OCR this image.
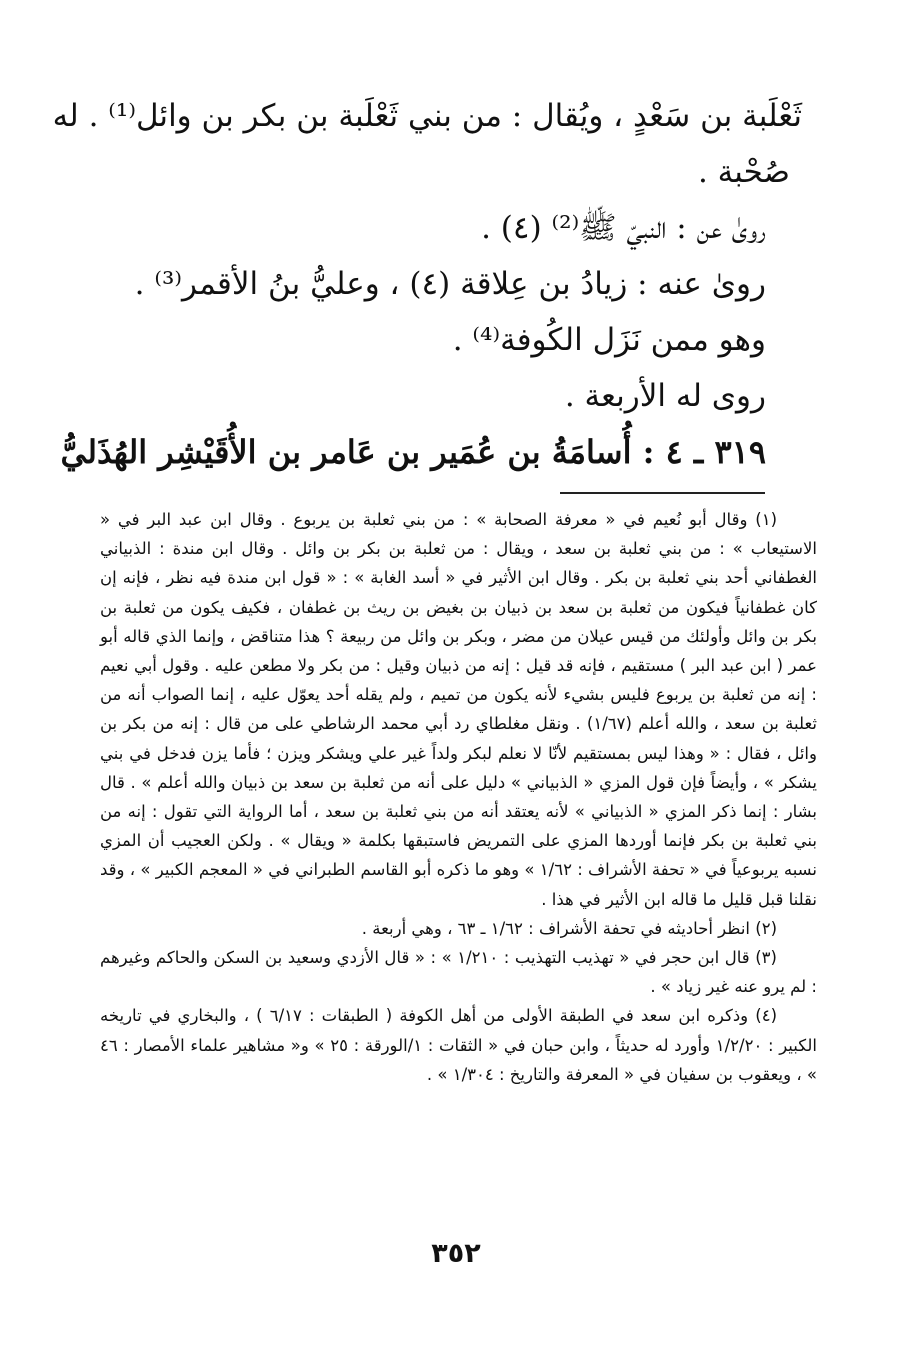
ثَعْلَبة بن سَعْدٍ ، ويُقال : من بني ثَعْلَبة بن بكر بن وائل⁽¹⁾ . له
صُحْبة .
روىٰ عن : النبيّ ﷺ⁽²⁾ (٤) .
روىٰ عنه : زيادُ بن عِلاقة (٤) ، وعليُّ بنُ الأقمر⁽³⁾ .
وهو ممن نَزَل الكُوفة⁽⁴⁾ .
روى له الأربعة .
٣١٩ ـ ٤ : أُسامَةُ بن عُمَير بن عَامر بن الأُقَيْشِر الهُذَليُّ

(١) وقال أبو نُعيم في « معرفة الصحابة » : من بني ثعلبة بن يربوع . وقال ابن عبد البر في « الاستيعاب » : من بني ثعلبة بن سعد ، ويقال : من ثعلبة بن بكر بن وائل . وقال ابن مندة : الذبياني الغطفاني أحد بني ثعلبة بن بكر . وقال ابن الأثير في « أسد الغابة » : « قول ابن مندة فيه نظر ، فإنه إن كان غطفانياً فيكون من ثعلبة بن سعد بن ذبيان بن بغيض بن ريث بن غطفان ، فكيف يكون من ثعلبة بن بكر بن وائل وأولئك من قيس عيلان من مضر ، وبكر بن وائل من ربيعة ؟ هذا متناقض ، وإنما الذي قاله أبو عمر ( ابن عبد البر ) مستقيم ، فإنه قد قيل : إنه من ذبيان وقيل : من بكر ولا مطعن عليه . وقول أبي نعيم : إنه من ثعلبة بن يربوع فليس بشيء لأنه يكون من تميم ، ولم يقله أحد يعوّل عليه ، إنما الصواب أنه من ثعلبة بن سعد ، والله أعلم (١/٦٧) . ونقل مغلطاي رد أبي محمد الرشاطي على من قال : إنه من بكر بن وائل ، فقال : « وهذا ليس بمستقيم لأنّا لا نعلم لبكر ولداً غير علي ويشكر ويزن ؛ فأما يزن فدخل في بني يشكر » ، وأيضاً فإن قول المزي « الذبياني » دليل على أنه من ثعلبة بن سعد بن ذبيان والله أعلم » . قال بشار : إنما ذكر المزي « الذبياني » لأنه يعتقد أنه من بني ثعلبة بن سعد ، أما الرواية التي تقول : إنه من بني ثعلبة بن بكر فإنما أوردها المزي على التمريض فاستبقها بكلمة « ويقال » . ولكن العجيب أن المزي نسبه يربوعياً في « تحفة الأشراف : ١/٦٢ » وهو ما ذكره أبو القاسم الطبراني في « المعجم الكبير » ، وقد نقلنا قبل قليل ما قاله ابن الأثير في هذا .

(٢) انظر أحاديثه في تحفة الأشراف : ١/٦٢ ـ ٦٣ ، وهي أربعة .

(٣) قال ابن حجر في « تهذيب التهذيب : ١/٢١٠ » : « قال الأزدي وسعيد بن السكن والحاكم وغيرهم : لم يرو عنه غير زياد » .

(٤) وذكره ابن سعد في الطبقة الأولى من أهل الكوفة ( الطبقات : ٦/١٧ ) ، والبخاري في تاريخه الكبير : ١/٢/٢٠ وأورد له حديثاً ، وابن حبان في « الثقات : ١/الورقة : ٢٥ » و« مشاهير علماء الأمصار : ٤٦ » ، ويعقوب بن سفيان في « المعرفة والتاريخ : ١/٣٠٤ » .

٣٥٢
